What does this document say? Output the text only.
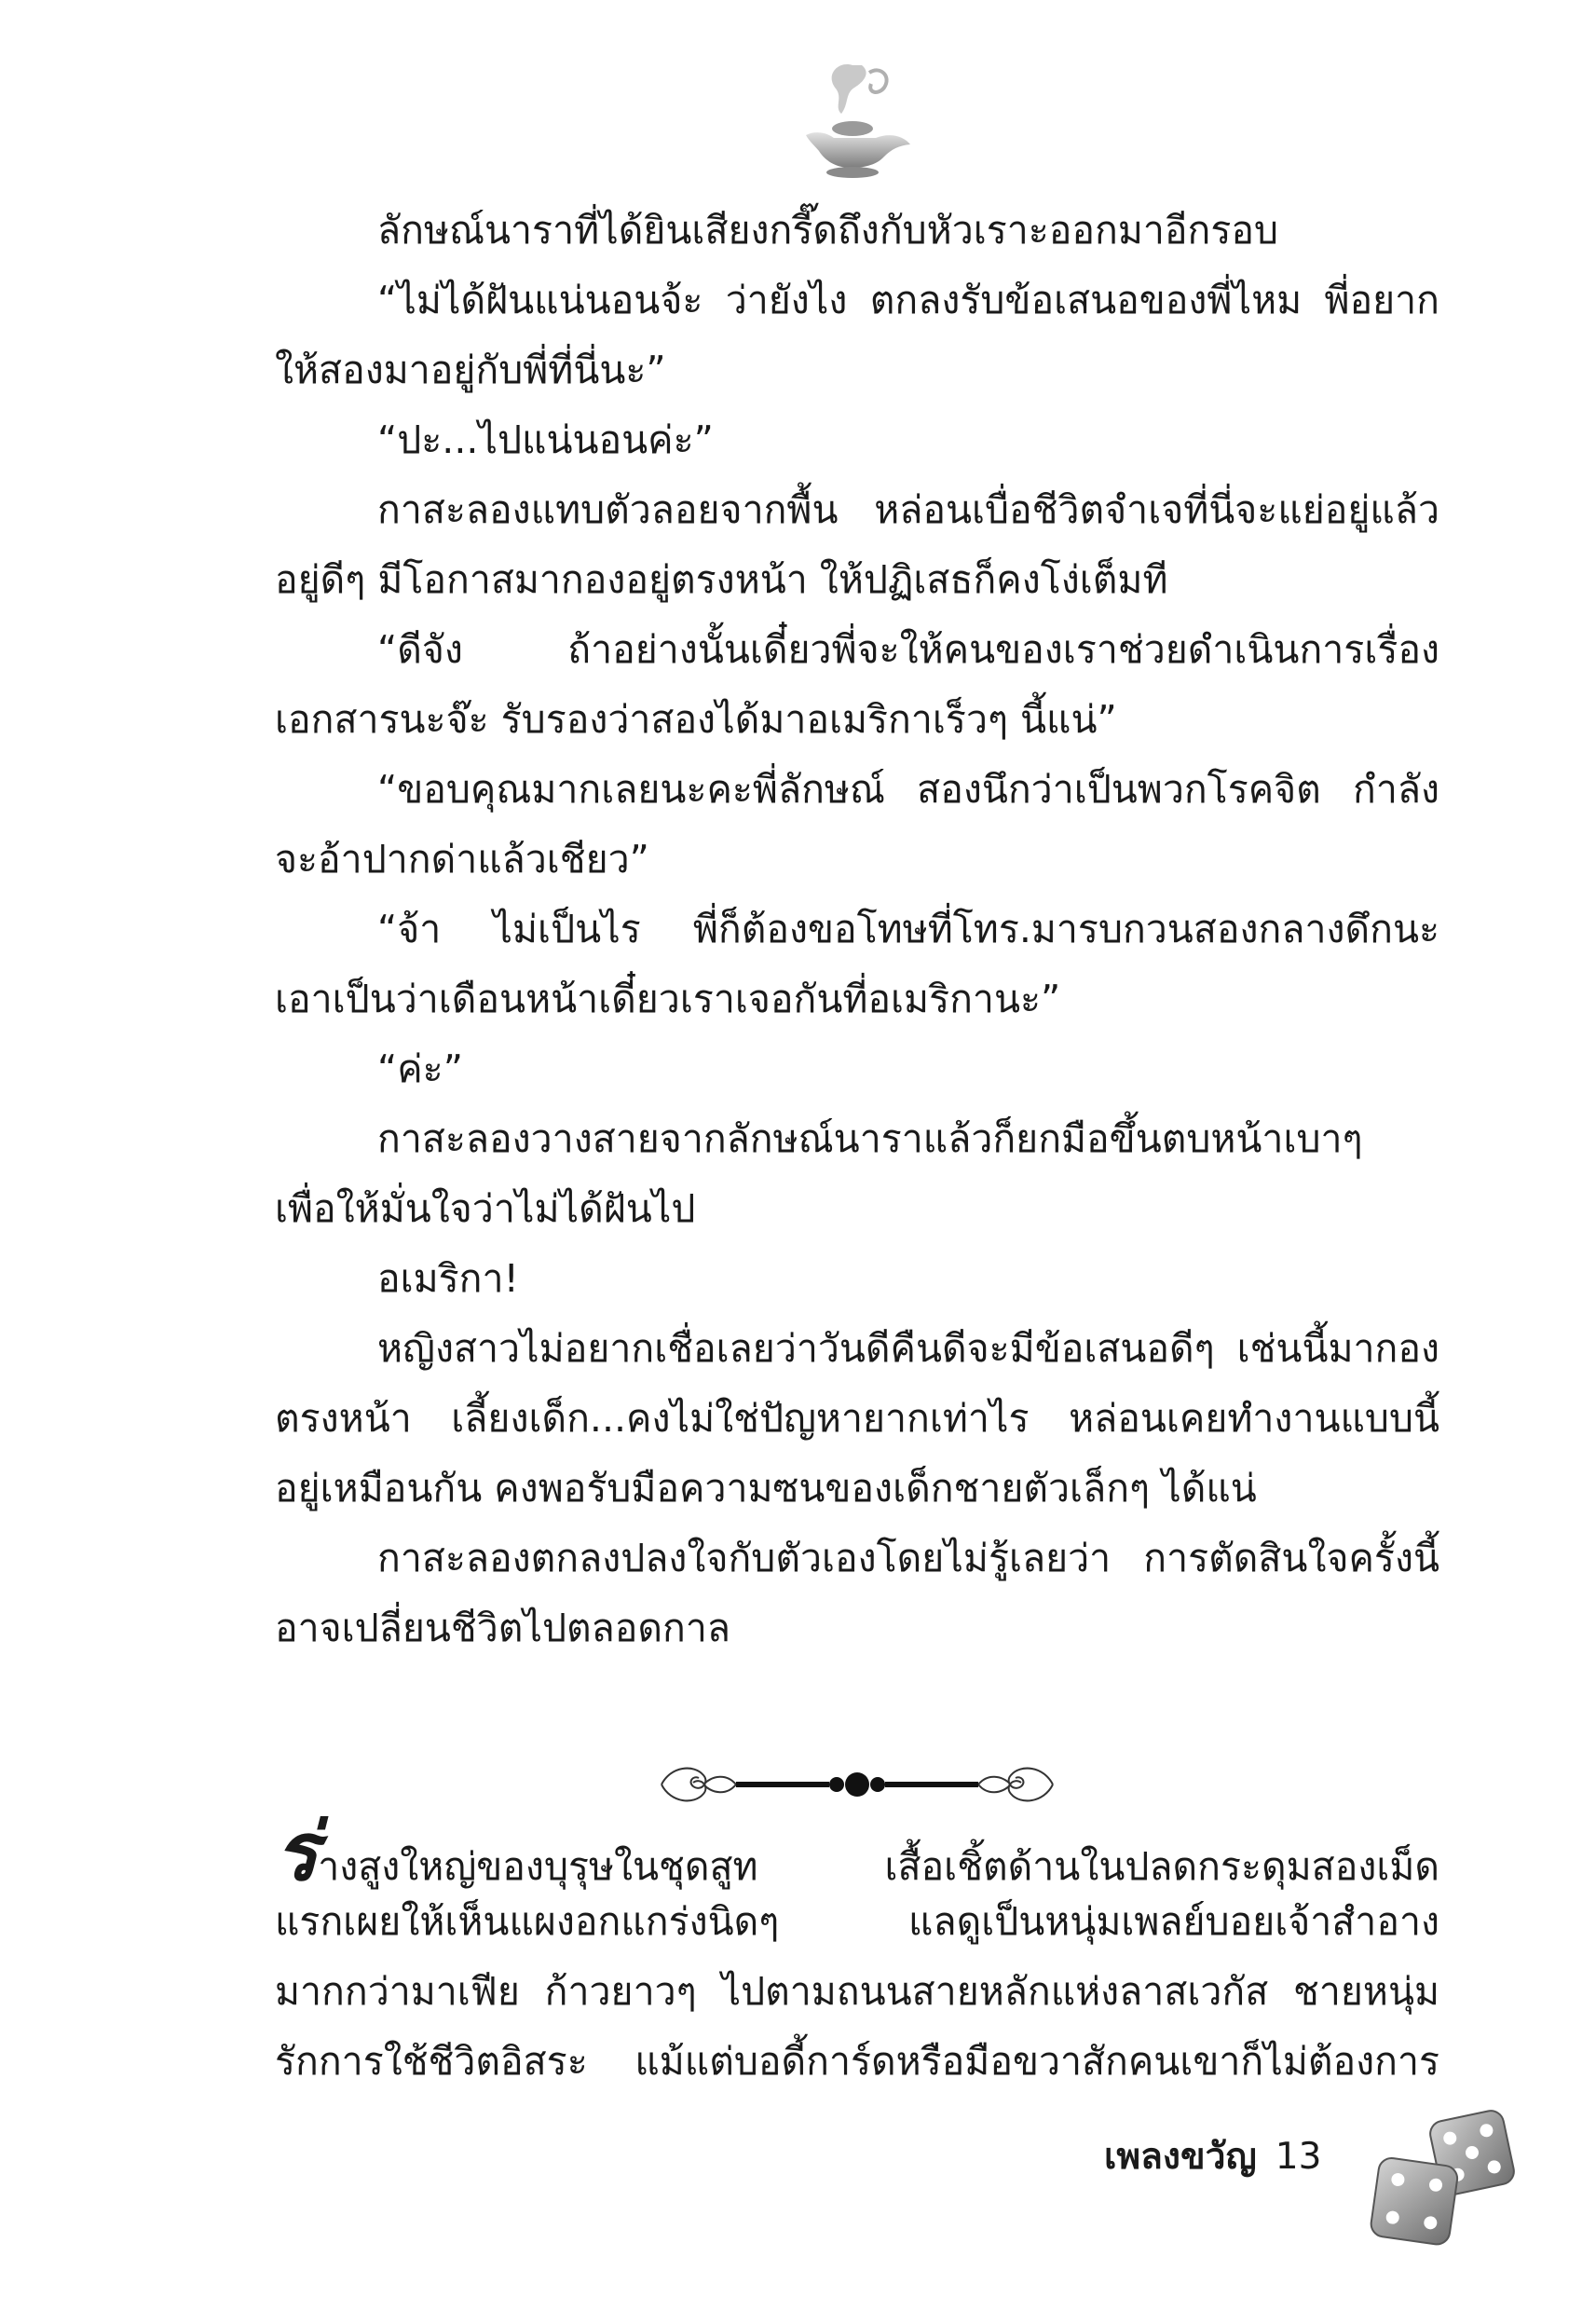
ลักษณ์นาราที่ได้ยินเสียงกรี๊ดถึงกับหัวเราะออกมาอีกรอบ
“ไม่ได้ฝันแน่นอนจ้ะ ว่ายังไง ตกลงรับข้อเสนอของพี่ไหม พี่อยาก
ให้สองมาอยู่กับพี่ที่นี่นะ”
“ปะ...ไปแน่นอนค่ะ”
กาสะลองแทบตัวลอยจากพื้น หล่อนเบื่อชีวิตจำเจที่นี่จะแย่อยู่แล้ว
อยู่ดีๆ มีโอกาสมากองอยู่ตรงหน้า ให้ปฏิเสธก็คงโง่เต็มที
“ดีจัง ถ้าอย่างนั้นเดี๋ยวพี่จะให้คนของเราช่วยดำเนินการเรื่อง
เอกสารนะจ๊ะ รับรองว่าสองได้มาอเมริกาเร็วๆ นี้แน่”
“ขอบคุณมากเลยนะคะพี่ลักษณ์ สองนึกว่าเป็นพวกโรคจิต กำลัง
จะอ้าปากด่าแล้วเชียว”
“จ้า ไม่เป็นไร พี่ก็ต้องขอโทษที่โทร.มารบกวนสองกลางดึกนะ
เอาเป็นว่าเดือนหน้าเดี๋ยวเราเจอกันที่อเมริกานะ”
“ค่ะ”
กาสะลองวางสายจากลักษณ์นาราแล้วก็ยกมือขึ้นตบหน้าเบาๆ
เพื่อให้มั่นใจว่าไม่ได้ฝันไป
อเมริกา!
หญิงสาวไม่อยากเชื่อเลยว่าวันดีคืนดีจะมีข้อเสนอดีๆ เช่นนี้มากอง
ตรงหน้า เลี้ยงเด็ก...คงไม่ใช่ปัญหายากเท่าไร หล่อนเคยทำงานแบบนี้
อยู่เหมือนกัน คงพอรับมือความซนของเด็กชายตัวเล็กๆ ได้แน่
กาสะลองตกลงปลงใจกับตัวเองโดยไม่รู้เลยว่า การตัดสินใจครั้งนี้
อาจเปลี่ยนชีวิตไปตลอดกาล
ร่างสูงใหญ่ของบุรุษในชุดสูท เสื้อเชิ้ตด้านในปลดกระดุมสองเม็ด
แรกเผยให้เห็นแผงอกแกร่งนิดๆ แลดูเป็นหนุ่มเพลย์บอยเจ้าสำอาง
มากกว่ามาเฟีย ก้าวยาวๆ ไปตามถนนสายหลักแห่งลาสเวกัส ชายหนุ่ม
รักการใช้ชีวิตอิสระ แม้แต่บอดี้การ์ดหรือมือขวาสักคนเขาก็ไม่ต้องการ
เพลงขวัญ 13
